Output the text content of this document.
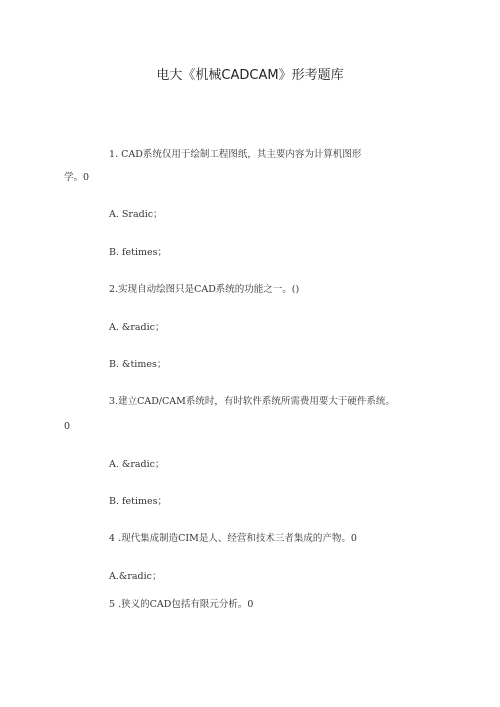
电大《机械CADCAM》形考题库
1. CAD系统仅用于绘制工程图纸，其主要内容为计算机图形
学。0
A. Sradic；
B. fetimes；
2.实现自动绘图只是CAD系统的功能之一。()
A. &radic；
B. &times；
3.建立CAD/CAM系统时，有时软件系统所需费用要大于硬件系统。
0
A. &radic；
B. fetimes；
4 .现代集成制造CIM是人、经营和技术三者集成的产物。0
A.&radic；
5 .狭义的CAD包括有限元分析。0
